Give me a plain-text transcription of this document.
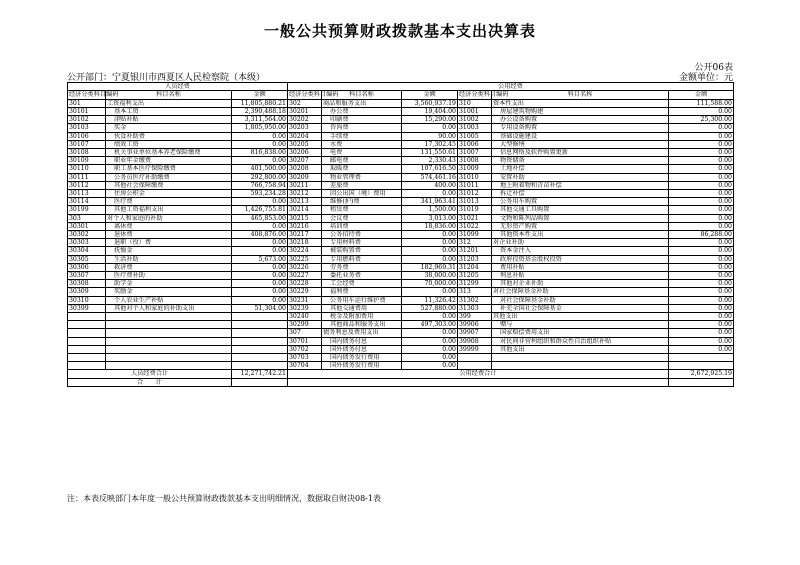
一般公共预算财政拨款基本支出决算表
公开06表
公开部门：宁夏银川市西夏区人民检察院（本级）	金额单位：元
人员经费			公用经费					
经济分类科目编码	科目名称	金额	经济分类科目编码	科目名称	金额	经济分类科目编码	科目名称	金额
301	工资福利支出	11,805,880.21	302	商品和服务支出	3,560,937.19	310	资本性支出	111,588.00
30101	基本工资	2,390,488.18	30201	办公费	19,404.00	31001	房屋建筑物购建	0.00
30102	津贴补贴	3,311,564.00	30202	印刷费	15,290.00	31002	办公设备购置	25,300.00
30103	奖金	1,805,950.00	30203	咨询费	0.00	31003	专用设备购置	0.00
30106	伙食补助费	0.00	30204	手续费	90.00	31005	基础设施建设	0.00
30107	绩效工资	0.00	30205	水费	17,302.45	31006	大型修缮	0.00
30108	机关事业单位基本养老保险缴费	816,838.00	30206	电费	131,550.61	31007	信息网络及软件购置更新	0.00
30109	职业年金缴费	0.00	30207	邮电费	2,330.43	31008	物资储备	0.00
30110	职工基本医疗保险缴费	401,500.00	30208	取暖费	107,616.50	31009	土地补偿	0.00
30111	公务员医疗补助缴费	292,800.00	30209	物业管理费	574,461.16	31010	安置补助	0.00
30112	其他社会保障缴费	766,758.94	30211	差旅费	400.00	31011	地上附着物和青苗补偿	0.00
30113	住房公积金	593,234.28	30212	因公出国（境）费用	0.00	31012	拆迁补偿	0.00
30114	医疗费	0.00	30213	维修(护)费	341,963.41	31013	公务用车购置	0.00
30199	其他工资福利支出	1,426,755.81	30214	租赁费	1,500.00	31019	其他交通工具购置	0.00
303	对个人和家庭的补助	465,853.00	30215	会议费	3,013.00	31021	文物和陈列品购置	0.00
30301	离休费	0.00	30216	培训费	18,836.00	31022	无形资产购置	0.00
30302	退休费	408,876.00	30217	公务招待费	0.00	31099	其他资本性支出	86,288.00
30303	退职（役）费	0.00	30218	专用材料费	0.00	312	对企业补助	0.00
30304	抚恤金	0.00	30224	被装购置费	0.00	31201	资本金注入	0.00
30305	生活补助	5,673.00	30225	专用燃料费	0.00	31203	政府投资基金股权投资	0.00
30306	救济费	0.00	30226	劳务费	182,969.31	31204	费用补贴	0.00
30307	医疗费补助	0.00	30227	委托业务费	38,000.00	31205	利息补贴	0.00
30308	助学金	0.00	30228	工会经费	70,000.00	31299	其他对企业补助	0.00
30309	奖励金	0.00	30229	福利费	0.00	313	对社会保障基金补助	0.00
30310	个人农业生产补贴	0.00	30231	公务用车运行维护费	11,326.42	31302	对社会保障基金补助	0.00
30399	其他对个人和家庭的补助支出	51,304.00	30239	其他交通费用	527,880.00	31303	补充全国社会保障基金	0.00
			30240	税金及附加费用	0.00	399	其他支出	0.00
			30299	其他商品和服务支出	497,303.00	39906	赠与	0.00
			307	债务利息及费用支出	0.00	39907	国家赔偿费用支出	0.00
			30701	国内债务付息	0.00	39908	对民间非营利组织和群众性自治组织补贴	0.00
			30702	国外债务付息	0.00	39999	其他支出	0.00
			30703	国内债务发行费用	0.00			
			30704	国外债务发行费用	0.00			
人员经费合计		12,271,742.21	公用经费合计					2,672,925.19
合　　计								
注：本表反映部门本年度一般公共预算财政拨款基本支出明细情况，数据取自财决08-1表
